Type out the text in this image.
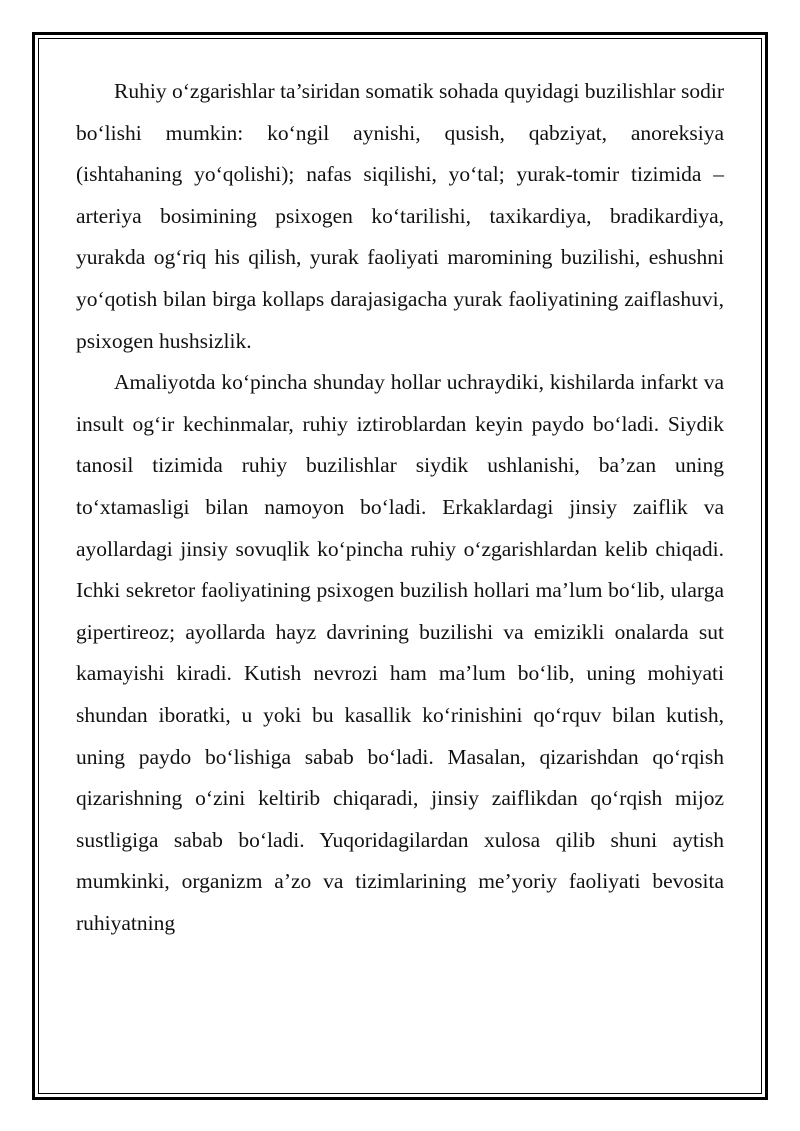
Ruhiy o‘zgarishlar ta’siridan somatik sohada quyidagi buzilishlar sodir bo‘lishi mumkin: ko‘ngil aynishi, qusish, qabziyat, anoreksiya (ishtahaning yo‘qolishi); nafas siqilishi, yo‘tal; yurak-tomir tizimida – arteriya bosimining psixogen ko‘tarilishi, taxikardiya, bradikardiya, yurakda og‘riq his qilish, yurak faoliyati maromining buzilishi, eshushni yo‘qotish bilan birga kollaps darajasigacha yurak faoliyatining zaiflashuvi, psixogen hushsizlik.

Amaliyotda ko‘pincha shunday hollar uchraydiki, kishilarda infarkt va insult og‘ir kechinmalar, ruhiy iztiroblardan keyin paydo bo‘ladi. Siydik tanosil tizimida ruhiy buzilishlar siydik ushlanishi, ba’zan uning to‘xtamasligi bilan namoyon bo‘ladi. Erkaklardagi jinsiy zaiflik va ayollardagi jinsiy sovuqlik ko‘pincha ruhiy o‘zgarishlardan kelib chiqadi. Ichki sekretor faoliyatining psixogen buzilish hollari ma’lum bo‘lib, ularga gipertireoz; ayollarda hayz davrining buzilishi va emizikli onalarda sut kamayishi kiradi. Kutish nevrozi ham ma’lum bo‘lib, uning mohiyati shundan iboratki, u yoki bu kasallik ko‘rinishini qo‘rquv bilan kutish, uning paydo bo‘lishiga sabab bo‘ladi. Masalan, qizarishdan qo‘rqish qizarishning o‘zini keltirib chiqaradi, jinsiy zaiflikdan qo‘rqish mijoz sustligiga sabab bo‘ladi. Yuqoridagilardan xulosa qilib shuni aytish mumkinki, organizm a’zo va tizimlarining me’yoriy faoliyati bevosita ruhiyatning
